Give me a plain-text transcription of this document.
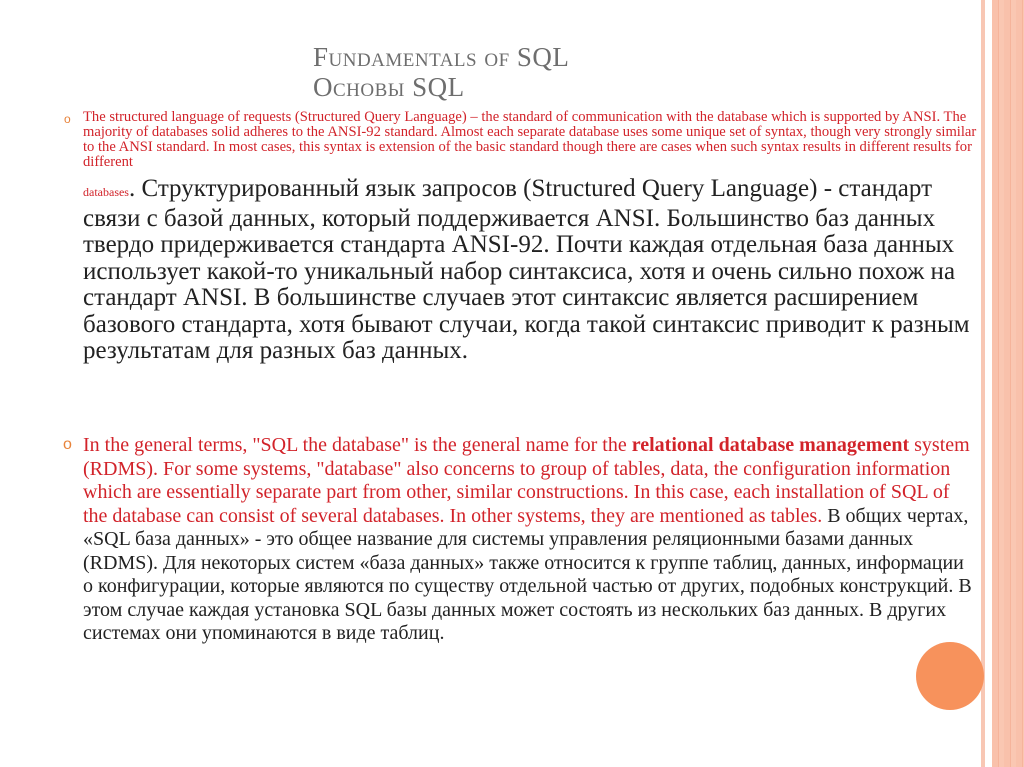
Fundamentals of SQL
Основы SQL
o The structured language of requests (Structured Query Language) – the standard of communication with the database which is supported by ANSI. The majority of databases solid adheres to the ANSI-92 standard. Almost each separate database uses some unique set of syntax, though very strongly similar to the ANSI standard. In most cases, this syntax is extension of the basic standard though there are cases when such syntax results in different results for different
databases. Структурированный язык запросов (Structured Query Language) - стандарт связи с базой данных, который поддерживается ANSI. Большинство баз данных твердо придерживается стандарта ANSI-92. Почти каждая отдельная база данных использует какой-то уникальный набор синтаксиса, хотя и очень сильно похож на стандарт ANSI. В большинстве случаев этот синтаксис является расширением базового стандарта, хотя бывают случаи, когда такой синтаксис приводит к разным результатам для разных баз данных.
o In the general terms, "SQL the database" is the general name for the relational database management system (RDMS). For some systems, "database" also concerns to group of tables, data, the configuration information which are essentially separate part from other, similar constructions. In this case, each installation of SQL of the database can consist of several databases. In other systems, they are mentioned as tables. В общих чертах, «SQL база данных» - это общее название для системы управления реляционными базами данных (RDMS). Для некоторых систем «база данных» также относится к группе таблиц, данных, информации о конфигурации, которые являются по существу отдельной частью от других, подобных конструкций. В этом случае каждая установка SQL базы данных может состоять из нескольких баз данных. В других системах они упоминаются в виде таблиц.
